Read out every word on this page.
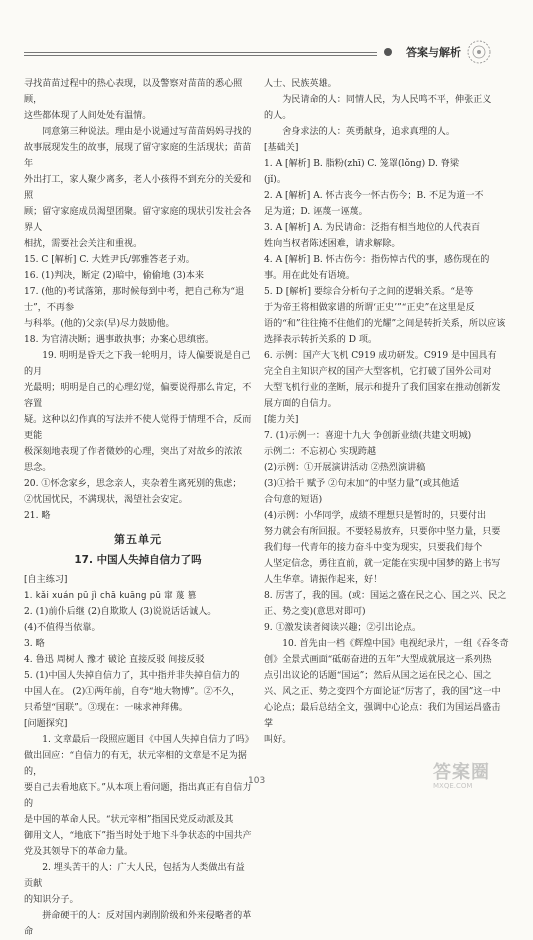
答案与解析

寻找苗苗过程中的热心表现，以及警察对苗苗的悉心照顾，

这些都体现了人间处处有温情。

同意第三种说法。理由是小说通过写苗苗妈妈寻找的

故事展现发生的故事，展现了留守家庭的生活现状；苗苗年

外出打工，家人聚少离多，老人小孩得不到充分的关爱和照

顾；留守家庭成员渴望团聚。留守家庭的现状引发社会各界人

相扰，需要社会关注和重视。

15. C [解析] C. 大姓尹氏/郭雅答老子劝。

16. (1)判决，断定 (2)暗中，偷偷地 (3)本来

17. (他的)考试落第，那时候每到中考，把自己称为“退士”，不再参

与科举。(他的)父亲(早)尽力鼓励他。

18. 为官清决断；遇事敢执事；办案心思缜密。

19. 明明是昏天之下我一轮明月，诗人偏要说是自己的月

光最明；明明是自己的心理幻觉，偏要说得那么肯定，不容置

疑。这种以幻作真的写法并不使人觉得于情理不合，反而更能

极深刻地表现了作者微妙的心理，突出了对故乡的浓浓

思念。

20. ①怀念家乡，思念亲人，夹杂着生离死别的焦虑；

②忧国忧民，不满现状，渴望社会安定。

21. 略

第五单元
17. 中国人失掉自信力了吗

[自主练习]

1. kǎi xuán pū jì chā kuāng pū 窜 蔑 篡

2. (1)前仆后继 (2)自欺欺人 (3)说说话话诚人。

(4)不值得当依靠。

3. 略

4. 鲁迅 周树人 豫才 破论 直接反驳 间接反驳

5. (1)中国人失掉自信力了，其中指并非失掉自信力的

中国人在。 (2)①两年前，自夸“地大物博”。②不久，

只希望“国联”。③现在：一味求神拜佛。

[问题探究]

1. 文章最后一段照应题目《中国人失掉自信力了吗》

做出回应：“自信力的有无，状元宰相的文章是不足为据的，

要自己去看地底下。”从本项上看问题，指出真正有自信力的

是中国的革命人民。“状元宰相”指国民党反动派及其

御用文人，“地底下”指当时处于地下斗争状态的中国共产

党及其领导下的革命力量。

2. 埋头苦干的人：广大人民，包括为人类做出有益贡献

的知识分子。

拼命硬干的人：反对国内剥削阶级和外来侵略者的革命

人士、民族英雄。

为民请命的人：同情人民，为人民鸣不平，伸张正义

的人。

舍身求法的人：英勇献身，追求真理的人。

[基础关]

1. A [解析] B. 脂粉(zhī) C. 笼罩(lǒng) D. 脊梁

(jǐ)。

2. A [解析] A. 怀古丧今一怀古伤今；B. 不足为道一不

足为道；D. 诬蔑一诬蔑。

3. A [解析] A. 为民请命：泛指有相当地位的人代表百

姓向当权者陈述困难，请求解除。

4. A [解析] B. 怀古伤今：指伤悼古代的事，感伤现在的

事。用在此处有语境。

5. D [解析] 要综合分析句子之间的逻辑关系。“是等

于为帝王将相做家谱的所谓‘正史’”“正史”在这里是反

语的“和”往往掩不住他们的光耀”之间是转折关系，所以应该

选择表示转折关系的 D 项。

6. 示例：国产大飞机 C919 成功研发。C919 是中国具有

完全自主知识产权的国产大型客机，它打破了国外公司对

大型飞机行业的垄断，展示和提升了我们国家在推动创新发

展方面的自信力。

[能力关]

7. (1)示例一：喜迎十九大 争创新业绩(共建文明城)

示例二：不忘初心 实现跨越

(2)示例：①开展演讲活动 ②热烈演讲稿

(3)①拾干 赋予 ②句末加“的中坚力量”(或其他适

合句意的短语)

(4)示例：小华同学，成绩不理想只是暂时的，只要付出

努力就会有所回报。不要轻易放弃，只要你中坚力量，只要

我们每一代青年的接力奋斗中变为现实，只要我们每个

人坚定信念，勇往直前，就一定能在实现中国梦的路上书写

人生华章。请振作起来，好！

8. 厉害了，我的国。(或：国运之盛在民之心、国之兴、民之

正、势之变)(意思对即可)

9. ①激发读者阅读兴趣；②引出论点。

10. 首先由一档《辉煌中国》电视纪录片，一组《吞冬奇

创》全景式画面“砥砺奋进的五年”大型成就展这一系列热

点引出议论的话题“国运”；然后从国之运在民之心、国之

兴、风之正、势之变四个方面论证“厉害了，我的国”这一中

心论点；最后总结全文，强调中心论点：我们为国运昌盛击掌

叫好。

103	答案圈
MXQE.COM
